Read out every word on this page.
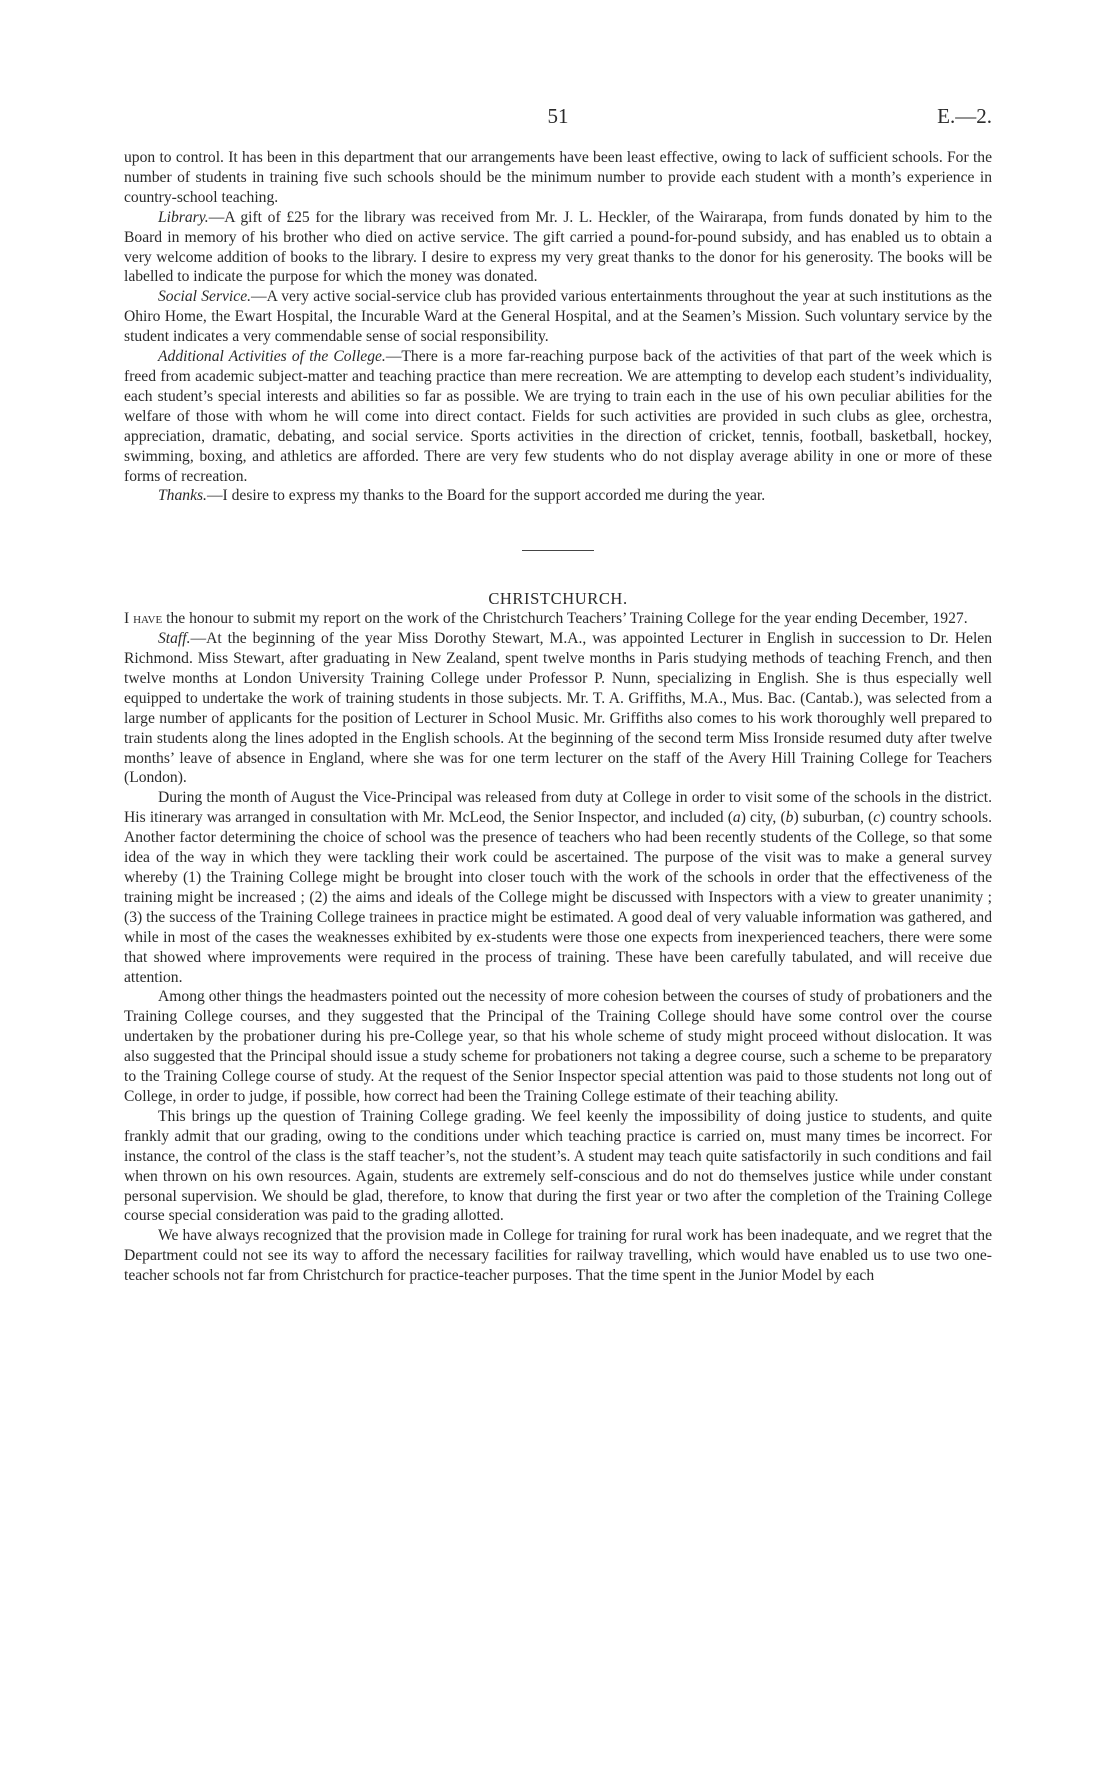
51	E.—2.

upon to control. It has been in this department that our arrangements have been least effective, owing to lack of sufficient schools. For the number of students in training five such schools should be the minimum number to provide each student with a month’s experience in country-school teaching.

Library.—A gift of £25 for the library was received from Mr. J. L. Heckler, of the Wairarapa, from funds donated by him to the Board in memory of his brother who died on active service. The gift carried a pound-for-pound subsidy, and has enabled us to obtain a very welcome addition of books to the library. I desire to express my very great thanks to the donor for his generosity. The books will be labelled to indicate the purpose for which the money was donated.

Social Service.—A very active social-service club has provided various entertainments throughout the year at such institutions as the Ohiro Home, the Ewart Hospital, the Incurable Ward at the General Hospital, and at the Seamen’s Mission. Such voluntary service by the student indicates a very commendable sense of social responsibility.

Additional Activities of the College.—There is a more far-reaching purpose back of the activities of that part of the week which is freed from academic subject-matter and teaching practice than mere recreation. We are attempting to develop each student’s individuality, each student’s special interests and abilities so far as possible. We are trying to train each in the use of his own peculiar abilities for the welfare of those with whom he will come into direct contact. Fields for such activities are provided in such clubs as glee, orchestra, appreciation, dramatic, debating, and social service. Sports activities in the direction of cricket, tennis, football, basketball, hockey, swimming, boxing, and athletics are afforded. There are very few students who do not display average ability in one or more of these forms of recreation.

Thanks.—I desire to express my thanks to the Board for the support accorded me during the year.

CHRISTCHURCH.

I have the honour to submit my report on the work of the Christchurch Teachers’ Training College for the year ending December, 1927.

Staff.—At the beginning of the year Miss Dorothy Stewart, M.A., was appointed Lecturer in English in succession to Dr. Helen Richmond. Miss Stewart, after graduating in New Zealand, spent twelve months in Paris studying methods of teaching French, and then twelve months at London University Training College under Professor P. Nunn, specializing in English. She is thus especially well equipped to undertake the work of training students in those subjects. Mr. T. A. Griffiths, M.A., Mus. Bac. (Cantab.), was selected from a large number of applicants for the position of Lecturer in School Music. Mr. Griffiths also comes to his work thoroughly well prepared to train students along the lines adopted in the English schools. At the beginning of the second term Miss Ironside resumed duty after twelve months’ leave of absence in England, where she was for one term lecturer on the staff of the Avery Hill Training College for Teachers (London).

During the month of August the Vice-Principal was released from duty at College in order to visit some of the schools in the district. His itinerary was arranged in consultation with Mr. McLeod, the Senior Inspector, and included (a) city, (b) suburban, (c) country schools. Another factor determining the choice of school was the presence of teachers who had been recently students of the College, so that some idea of the way in which they were tackling their work could be ascertained. The purpose of the visit was to make a general survey whereby (1) the Training College might be brought into closer touch with the work of the schools in order that the effectiveness of the training might be increased ; (2) the aims and ideals of the College might be discussed with Inspectors with a view to greater unanimity ; (3) the success of the Training College trainees in practice might be estimated. A good deal of very valuable information was gathered, and while in most of the cases the weaknesses exhibited by ex-students were those one expects from inexperienced teachers, there were some that showed where improvements were required in the process of training. These have been carefully tabulated, and will receive due attention.

Among other things the headmasters pointed out the necessity of more cohesion between the courses of study of probationers and the Training College courses, and they suggested that the Principal of the Training College should have some control over the course undertaken by the probationer during his pre-College year, so that his whole scheme of study might proceed without dislocation. It was also suggested that the Principal should issue a study scheme for probationers not taking a degree course, such a scheme to be preparatory to the Training College course of study. At the request of the Senior Inspector special attention was paid to those students not long out of College, in order to judge, if possible, how correct had been the Training College estimate of their teaching ability.

This brings up the question of Training College grading. We feel keenly the impossibility of doing justice to students, and quite frankly admit that our grading, owing to the conditions under which teaching practice is carried on, must many times be incorrect. For instance, the control of the class is the staff teacher’s, not the student’s. A student may teach quite satisfactorily in such conditions and fail when thrown on his own resources. Again, students are extremely self-conscious and do not do themselves justice while under constant personal supervision. We should be glad, therefore, to know that during the first year or two after the completion of the Training College course special consideration was paid to the grading allotted.

We have always recognized that the provision made in College for training for rural work has been inadequate, and we regret that the Department could not see its way to afford the necessary facilities for railway travelling, which would have enabled us to use two one-teacher schools not far from Christchurch for practice-teacher purposes. That the time spent in the Junior Model by each
